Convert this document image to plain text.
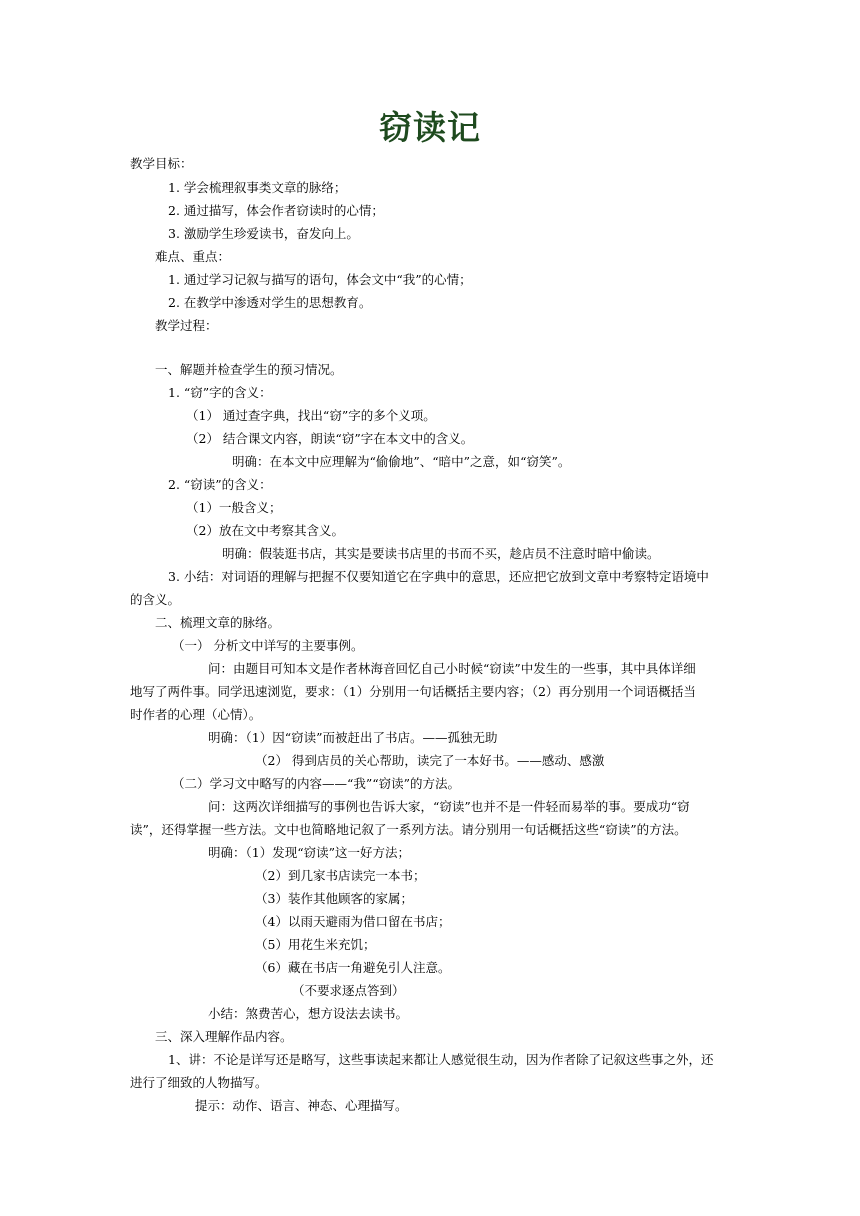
窃读记
教学目标：
1. 学会梳理叙事类文章的脉络；
2. 通过描写，体会作者窃读时的心情；
3. 激励学生珍爱读书，奋发向上。
难点、重点：
1. 通过学习记叙与描写的语句，体会文中“我”的心情；
2. 在教学中渗透对学生的思想教育。
教学过程：
一、解题并检查学生的预习情况。
1. “窃”字的含义：
（1） 通过查字典，找出“窃”字的多个义项。
（2） 结合课文内容，朗读“窃”字在本文中的含义。
明确：在本文中应理解为“偷偷地”、“暗中”之意，如“窃笑”。
2. “窃读”的含义：
（1）一般含义；
（2）放在文中考察其含义。
明确：假装逛书店，其实是要读书店里的书而不买，趁店员不注意时暗中偷读。
3. 小结：对词语的理解与把握不仅要知道它在字典中的意思，还应把它放到文章中考察特定语境中
的含义。
二、梳理文章的脉络。
（一） 分析文中详写的主要事例。
问：由题目可知本文是作者林海音回忆自己小时候“窃读”中发生的一些事，其中具体详细
地写了两件事。同学迅速浏览，要求：（1）分别用一句话概括主要内容；（2）再分别用一个词语概括当
时作者的心理（心情）。
明确：（1）因“窃读”而被赶出了书店。——孤独无助
（2） 得到店员的关心帮助，读完了一本好书。——感动、感激
（二）学习文中略写的内容——“我”“窃读”的方法。
问：这两次详细描写的事例也告诉大家，“窃读”也并不是一件轻而易举的事。要成功“窃
读”，还得掌握一些方法。文中也简略地记叙了一系列方法。请分别用一句话概括这些“窃读”的方法。
明确：（1）发现“窃读”这一好方法；
（2）到几家书店读完一本书；
（3）装作其他顾客的家属；
（4）以雨天避雨为借口留在书店；
（5）用花生米充饥；
（6）藏在书店一角避免引人注意。
（不要求逐点答到）
小结：煞费苦心，想方设法去读书。
三、深入理解作品内容。
1、讲：不论是详写还是略写，这些事读起来都让人感觉很生动，因为作者除了记叙这些事之外，还
进行了细致的人物描写。
提示：动作、语言、神态、心理描写。
